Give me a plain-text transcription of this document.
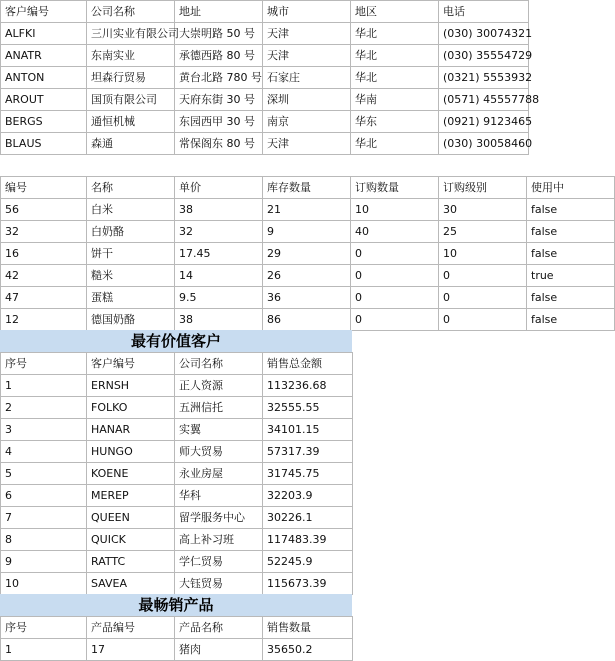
客户编号	公司名称	地址	城市	地区	电话
ALFKI	三川实业有限公司	大崇明路 50 号	天津	华北	(030) 30074321
ANATR	东南实业	承德西路 80 号	天津	华北	(030) 35554729
ANTON	坦森行贸易	黄台北路 780 号	石家庄	华北	(0321) 5553932
AROUT	国顶有限公司	天府东街 30 号	深圳	华南	(0571) 45557788
BERGS	通恒机械	东园西甲 30 号	南京	华东	(0921) 9123465
BLAUS	森通	常保阁东 80 号	天津	华北	(030) 30058460
编号	名称	单价	库存数量	订购数量	订购级别	使用中
56	白米	38	21	10	30	false
32	白奶酪	32	9	40	25	false
16	饼干	17.45	29	0	10	false
42	糙米	14	26	0	0	true
47	蛋糕	9.5	36	0	0	false
12	德国奶酪	38	86	0	0	false
最有价值客户
序号	客户编号	公司名称	销售总金额
1	ERNSH	正人资源	113236.68
2	FOLKO	五洲信托	32555.55
3	HANAR	实翼	34101.15
4	HUNGO	师大贸易	57317.39
5	KOENE	永业房屋	31745.75
6	MEREP	华科	32203.9
7	QUEEN	留学服务中心	30226.1
8	QUICK	高上补习班	117483.39
9	RATTC	学仁贸易	52245.9
10	SAVEA	大钰贸易	115673.39
最畅销产品
序号	产品编号	产品名称	销售数量
1	17	猪肉	35650.2
